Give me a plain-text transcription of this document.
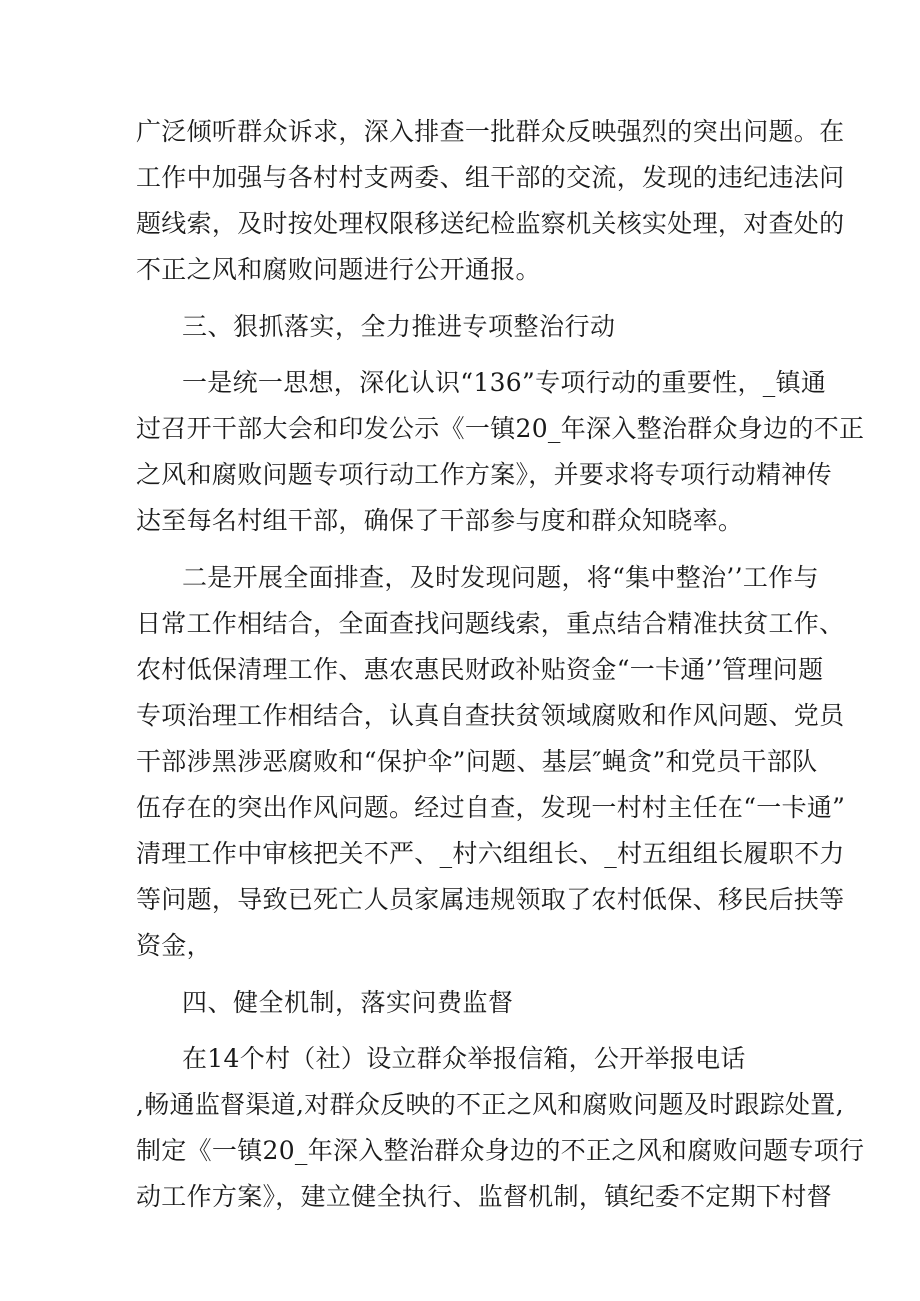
广泛倾听群众诉求，深入排查一批群众反映强烈的突出问题。在
工作中加强与各村村支两委、组干部的交流，发现的违纪违法问
题线索，及时按处理权限移送纪检监察机关核实处理，对查处的
不正之风和腐败问题进行公开通报。
三、狠抓落实，全力推进专项整治行动
一是统一思想，深化认识“136”专项行动的重要性，_镇通
过召开干部大会和印发公示《一镇20_年深入整治群众身边的不正
之风和腐败问题专项行动工作方案》，并要求将专项行动精神传
达至每名村组干部，确保了干部参与度和群众知晓率。
二是开展全面排查，及时发现问题，将“集中整治’’工作与
日常工作相结合，全面查找问题线索，重点结合精准扶贫工作、
农村低保清理工作、惠农惠民财政补贴资金“一卡通’’管理问题
专项治理工作相结合，认真自查扶贫领域腐败和作风问题、党员
干部涉黑涉恶腐败和“保护伞”问题、基层″蝇贪”和党员干部队
伍存在的突出作风问题。经过自查，发现一村村主任在“一卡通”
清理工作中审核把关不严、_村六组组长、_村五组组长履职不力
等问题，导致已死亡人员家属违规领取了农村低保、移民后扶等
资金，
四、健全机制，落实问费监督
在14个村（社）设立群众举报信箱，公开举报电话
,畅通监督渠道,对群众反映的不正之风和腐败问题及时跟踪处置,
制定《一镇20_年深入整治群众身边的不正之风和腐败问题专项行
动工作方案》，建立健全执行、监督机制，镇纪委不定期下村督
